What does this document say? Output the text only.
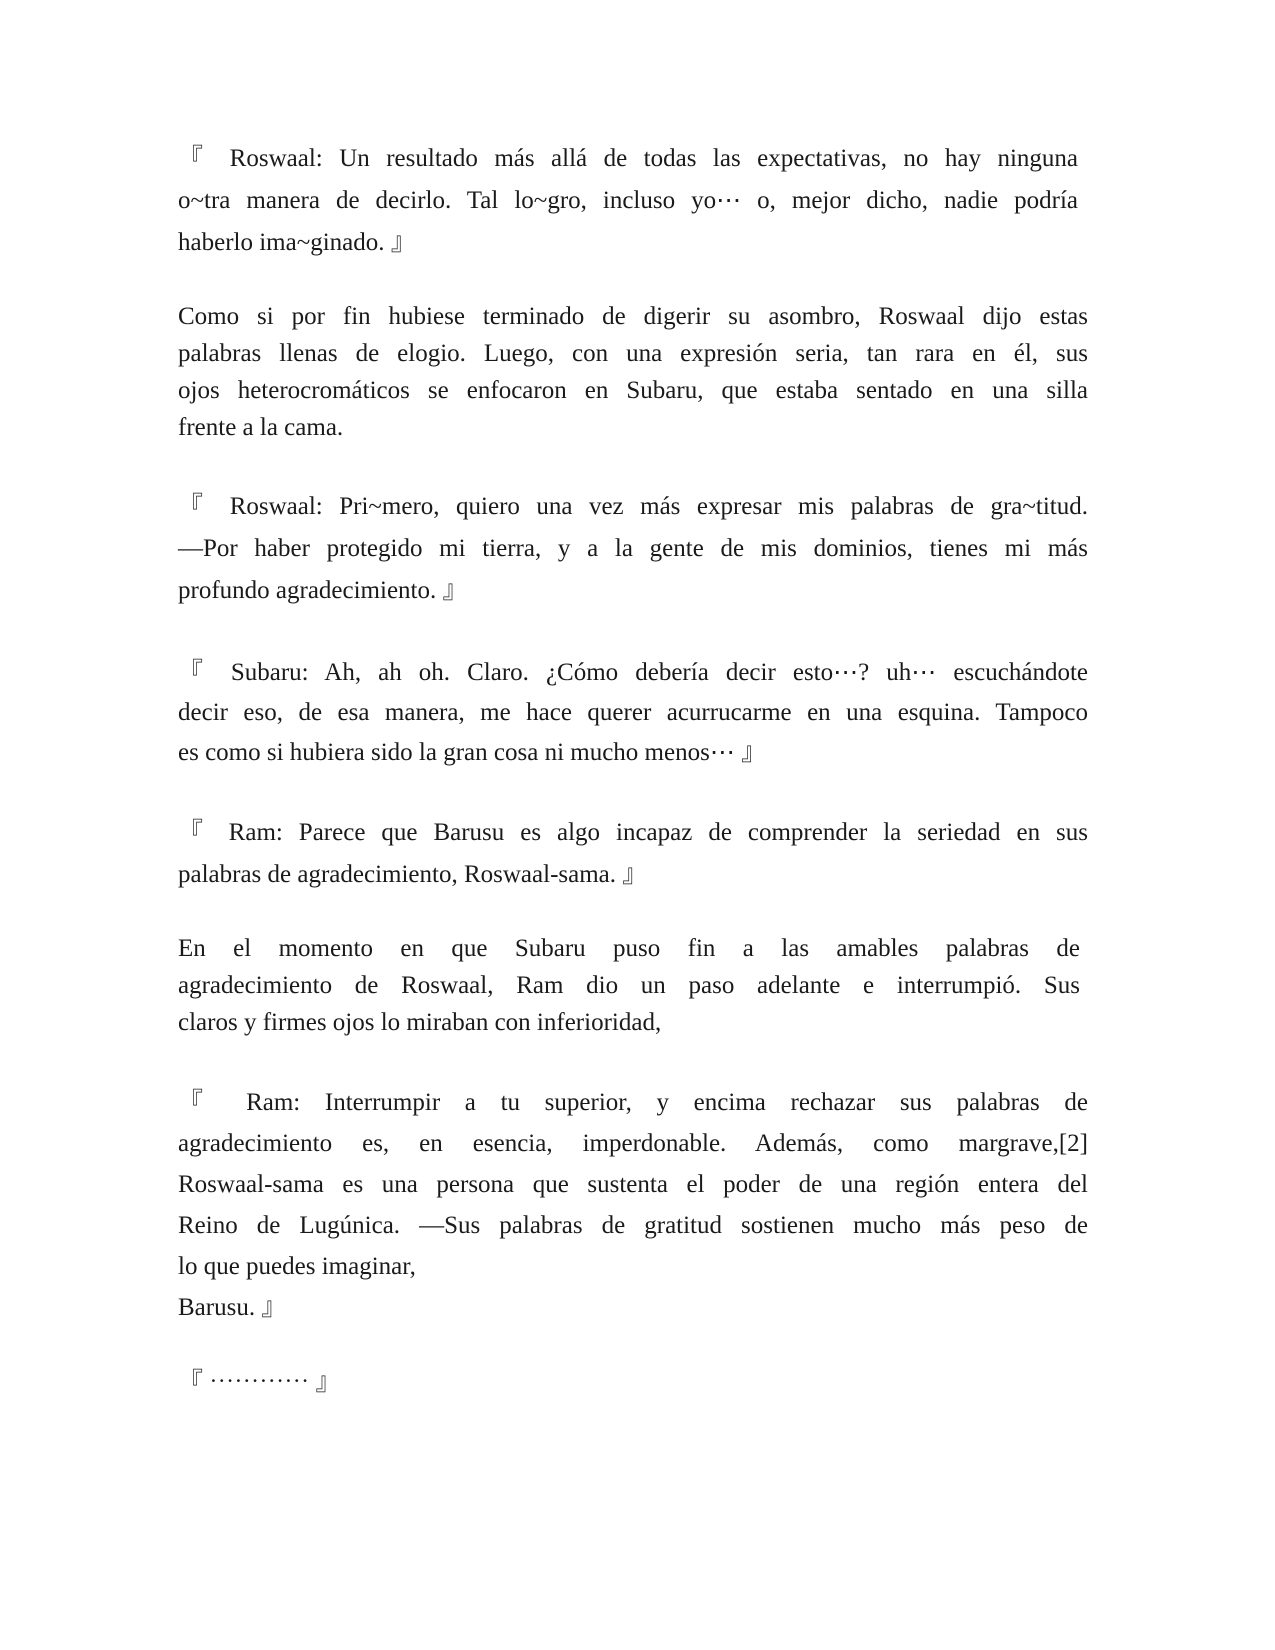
『 Roswaal: Un resultado más allá de todas las expectativas, no hay ninguna
o~tra manera de decirlo. Tal lo~gro, incluso yo⋯ o, mejor dicho, nadie podría
haberlo ima~ginado. 』
Como si por fin hubiese terminado de digerir su asombro, Roswaal dijo estas
palabras llenas de elogio. Luego, con una expresión seria, tan rara en él, sus
ojos heterocromáticos se enfocaron en Subaru, que estaba sentado en una silla
frente a la cama.
『 Roswaal: Pri~mero, quiero una vez más expresar mis palabras de gra~titud.
―Por haber protegido mi tierra, y a la gente de mis dominios, tienes mi más
profundo agradecimiento. 』
『 Subaru: Ah, ah oh. Claro. ¿Cómo debería decir esto⋯? uh⋯ escuchándote
decir eso, de esa manera, me hace querer acurrucarme en una esquina. Tampoco
es como si hubiera sido la gran cosa ni mucho menos⋯ 』
『 Ram: Parece que Barusu es algo incapaz de comprender la seriedad en sus
palabras de agradecimiento, Roswaal-sama. 』
En el momento en que Subaru puso fin a las amables palabras de
agradecimiento de Roswaal, Ram dio un paso adelante e interrumpió. Sus
claros y firmes ojos lo miraban con inferioridad,
『 Ram: Interrumpir a tu superior, y encima rechazar sus palabras de
agradecimiento es, en esencia, imperdonable. Además, como margrave,[2]
Roswaal-sama es una persona que sustenta el poder de una región entera del
Reino de Lugúnica. ―Sus palabras de gratitud sostienen mucho más peso de
lo que puedes imaginar,
Barusu. 』
『 ⋯⋯⋯⋯ 』
